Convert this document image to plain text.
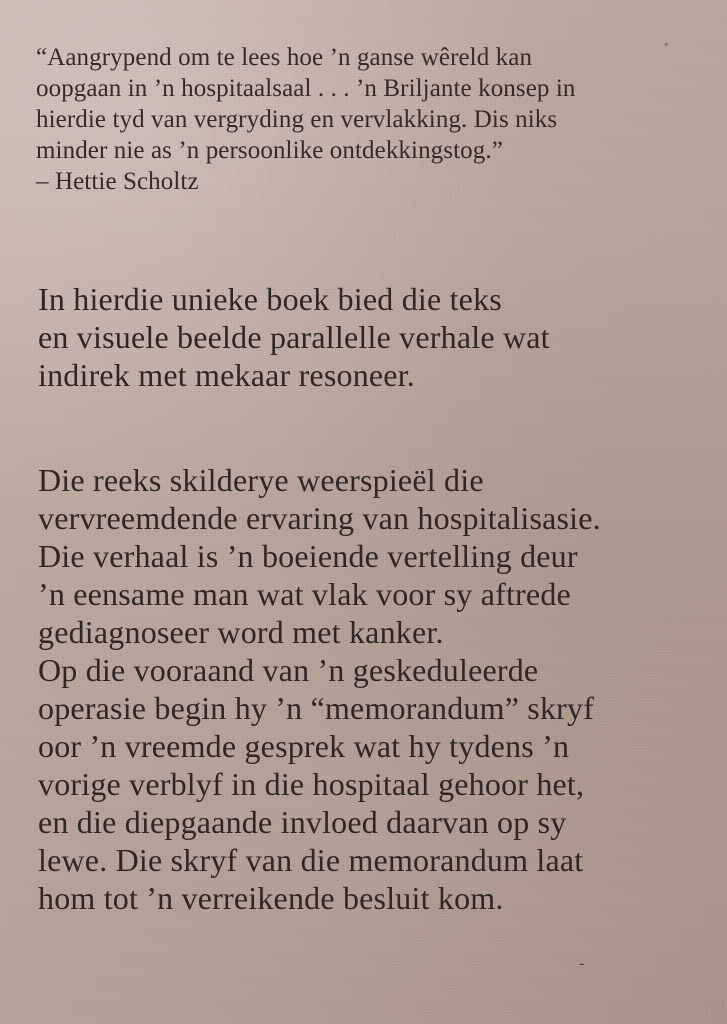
“Aangrypend om te lees hoe ’n ganse wêreld kan
oopgaan in ’n hospitaalsaal . . . ’n Briljante konsep in
hierdie tyd van vergryding en vervlakking. Dis niks
minder nie as ’n persoonlike ontdekkingstog.”
– Hettie Scholtz
In hierdie unieke boek bied die teks
en visuele beelde parallelle verhale wat
indirek met mekaar resoneer.
Die reeks skilderye weerspieël die
vervreemdende ervaring van hospitalisasie.
Die verhaal is ’n boeiende vertelling deur
’n eensame man wat vlak voor sy aftrede
gediagnoseer word met kanker.
Op die vooraand van ’n geskeduleerde
operasie begin hy ’n “memorandum” skryf
oor ’n vreemde gesprek wat hy tydens ’n
vorige verblyf in die hospitaal gehoor het,
en die diepgaande invloed daarvan op sy
lewe. Die skryf van die memorandum laat
hom tot ’n verreikende besluit kom.
˚
-
